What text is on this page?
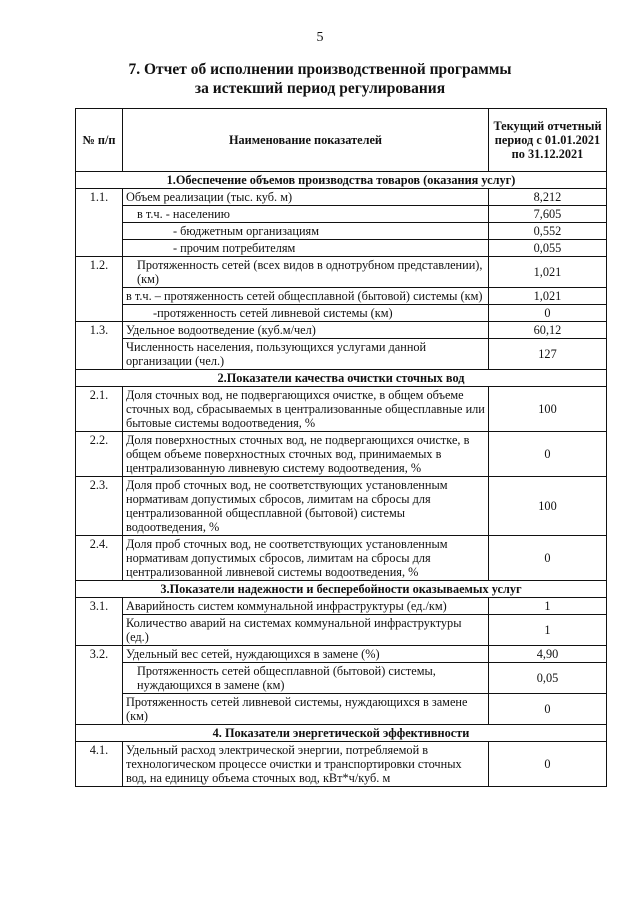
5
7. Отчет об исполнении производственной программы
за истекший период регулирования
№ п/п	Наименование показателей	Текущий отчетный период с 01.01.2021 по 31.12.2021
1.Обеспечение объемов производства товаров (оказания услуг)		
1.1.	Объем реализации (тыс. куб. м)	8,212
	в т.ч. - населению	7,605
	- бюджетным организациям	0,552
	- прочим потребителям	0,055
1.2.	Протяженность сетей (всех видов в однотрубном представлении), (км)	1,021
	в т.ч. – протяженность сетей общесплавной (бытовой) системы (км)	1,021
	-протяженность сетей ливневой системы (км)	0
1.3.	Удельное водоотведение (куб.м/чел)	60,12
	Численность населения, пользующихся услугами данной организации (чел.)	127
2.Показатели качества очистки сточных вод		
2.1.	Доля сточных вод, не подвергающихся очистке, в общем объеме сточных вод, сбрасываемых в централизованные общесплавные или бытовые системы водоотведения, %	100
2.2.	Доля поверхностных сточных вод, не подвергающихся очистке, в общем объеме поверхностных сточных вод, принимаемых в централизованную ливневую систему водоотведения, %	0
2.3.	Доля проб сточных вод, не соответствующих установленным нормативам допустимых сбросов, лимитам на сбросы для централизованной общесплавной (бытовой) системы водоотведения, %	100
2.4.	Доля проб сточных вод, не соответствующих установленным нормативам допустимых сбросов, лимитам на сбросы для централизованной ливневой системы водоотведения, %	0
3.Показатели надежности и бесперебойности оказываемых услуг		
3.1.	Аварийность систем коммунальной инфраструктуры (ед./км)	1
	Количество аварий на системах коммунальной инфраструктуры (ед.)	1
3.2.	Удельный вес сетей, нуждающихся в замене (%)	4,90
	Протяженность сетей общесплавной (бытовой) системы, нуждающихся в замене (км)	0,05
	Протяженность сетей ливневой системы, нуждающихся в замене (км)	0
4. Показатели энергетической эффективности		
4.1.	Удельный расход электрической энергии, потребляемой в технологическом процессе очистки и транспортировки сточных вод, на единицу объема сточных вод, кВт*ч/куб. м	0
